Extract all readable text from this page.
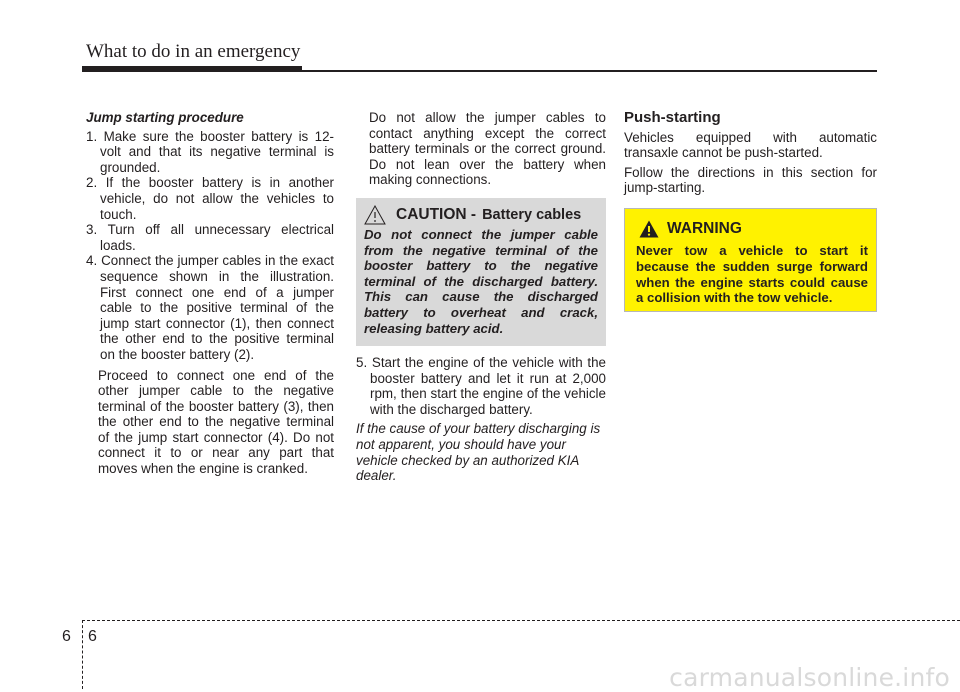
What to do in an emergency
Jump starting procedure
1. Make sure the booster battery is 12-volt and that its negative terminal is grounded.
2. If the booster battery is in another vehicle, do not allow the vehicles to touch.
3. Turn off all unnecessary electrical loads.
4. Connect the jumper cables in the exact sequence shown in the illustration. First connect one end of a jumper cable to the positive terminal of the jump start connector (1), then connect the other end to the positive terminal on the booster battery (2).
Proceed to connect one end of the other jumper cable to the negative terminal of the booster battery (3), then the other end to the negative terminal of the jump start connector (4). Do not connect it to or near any part that moves when the engine is cranked.
Do not allow the jumper cables to contact anything except the correct battery terminals or the correct ground. Do not lean over the battery when making connections.
CAUTION - Battery cables
Do not connect the jumper cable from the negative terminal of the booster battery to the negative terminal of the discharged battery. This can cause the discharged battery to overheat and crack, releasing battery acid.
5. Start the engine of the vehicle with the booster battery and let it run at 2,000 rpm, then start the engine of the vehicle with the discharged battery.
If the cause of your battery discharging is not apparent, you should have your vehicle checked by an authorized KIA dealer.
Push-starting
Vehicles equipped with automatic transaxle cannot be push-started.
Follow the directions in this section for jump-starting.
WARNING
Never tow a vehicle to start it because the sudden surge forward when the engine starts could cause a collision with the tow vehicle.
6 6
carmanualsonline.info
